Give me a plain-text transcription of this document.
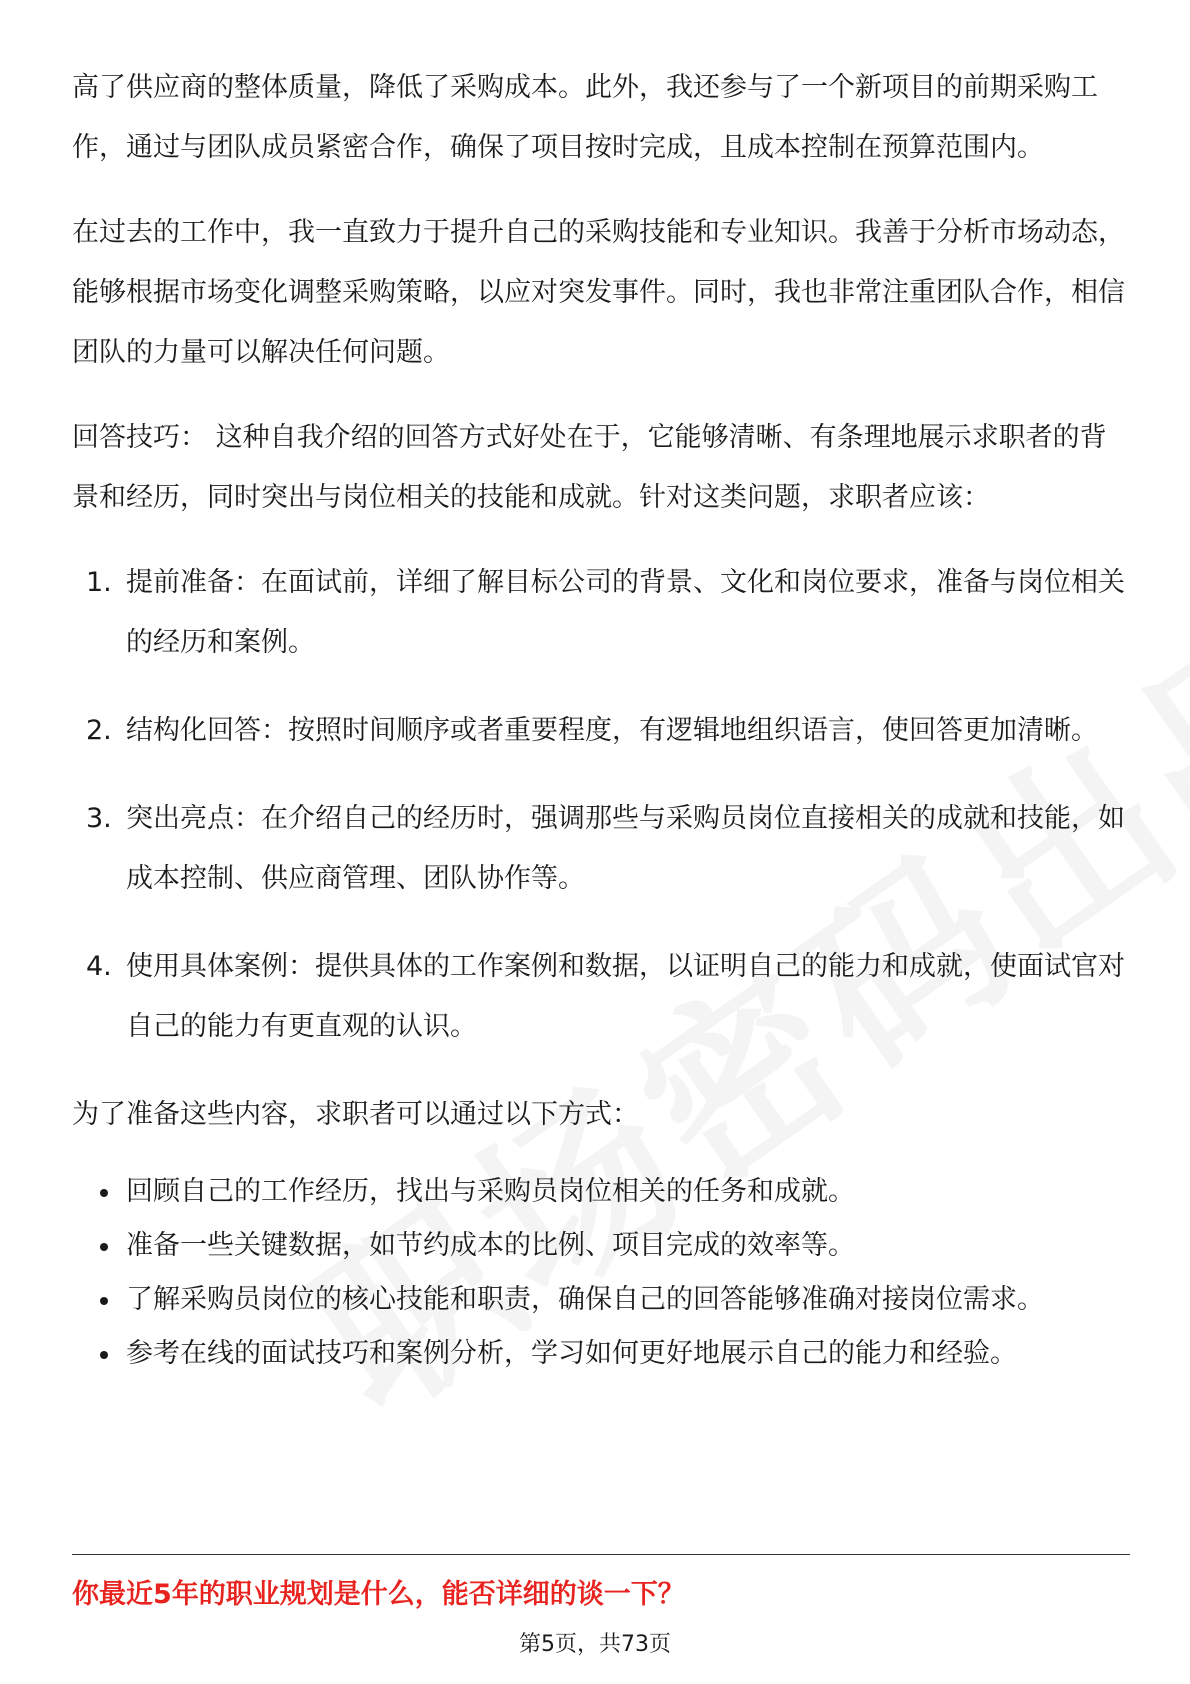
高了供应商的整体质量，降低了采购成本。此外，我还参与了一个新项目的前期采购工作，通过与团队成员紧密合作，确保了项目按时完成，且成本控制在预算范围内。

在过去的工作中，我一直致力于提升自己的采购技能和专业知识。我善于分析市场动态，能够根据市场变化调整采购策略，以应对突发事件。同时，我也非常注重团队合作，相信团队的力量可以解决任何问题。

回答技巧： 这种自我介绍的回答方式好处在于，它能够清晰、有条理地展示求职者的背景和经历，同时突出与岗位相关的技能和成就。针对这类问题，求职者应该：

1. 提前准备：在面试前，详细了解目标公司的背景、文化和岗位要求，准备与岗位相关的经历和案例。
2. 结构化回答：按照时间顺序或者重要程度，有逻辑地组织语言，使回答更加清晰。
3. 突出亮点：在介绍自己的经历时，强调那些与采购员岗位直接相关的成就和技能，如成本控制、供应商管理、团队协作等。
4. 使用具体案例：提供具体的工作案例和数据，以证明自己的能力和成就，使面试官对自己的能力有更直观的认识。

为了准备这些内容，求职者可以通过以下方式：

回顾自己的工作经历，找出与采购员岗位相关的任务和成就。
准备一些关键数据，如节约成本的比例、项目完成的效率等。
了解采购员岗位的核心技能和职责，确保自己的回答能够准确对接岗位需求。
参考在线的面试技巧和案例分析，学习如何更好地展示自己的能力和经验。
你最近5年的职业规划是什么，能否详细的谈一下？
第5页，共73页
